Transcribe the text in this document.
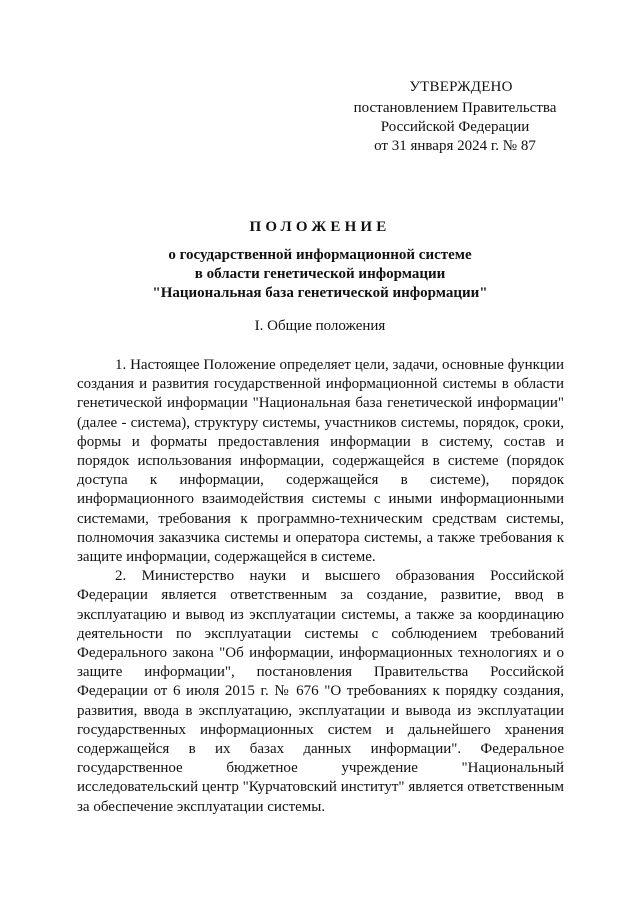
УТВЕРЖДЕНО
постановлением Правительства
Российской Федерации
от 31 января 2024 г. № 87
ПОЛОЖЕНИЕ
о государственной информационной системе
в области генетической информации
"Национальная база генетической информации"
I. Общие положения

1. Настоящее Положение определяет цели, задачи, основные функции создания и развития государственной информационной системы в области генетической информации "Национальная база генетической информации" (далее - система), структуру системы, участников системы, порядок, сроки, формы и форматы предоставления информации в систему, состав и порядок использования информации, содержащейся в системе (порядок доступа к информации, содержащейся в системе), порядок информационного взаимодействия системы с иными информационными системами, требования к программно-техническим средствам системы, полномочия заказчика системы и оператора системы, а также требования к защите информации, содержащейся в системе.

2. Министерство науки и высшего образования Российской Федерации является ответственным за создание, развитие, ввод в эксплуатацию и вывод из эксплуатации системы, а также за координацию деятельности по эксплуатации системы с соблюдением требований Федерального закона "Об информации, информационных технологиях и о защите информации", постановления Правительства Российской Федерации от 6 июля 2015 г. № 676 "О требованиях к порядку создания, развития, ввода в эксплуатацию, эксплуатации и вывода из эксплуатации государственных информационных систем и дальнейшего хранения содержащейся в их базах данных информации". Федеральное государственное бюджетное учреждение "Национальный исследовательский центр "Курчатовский институт" является ответственным за обеспечение эксплуатации системы.
